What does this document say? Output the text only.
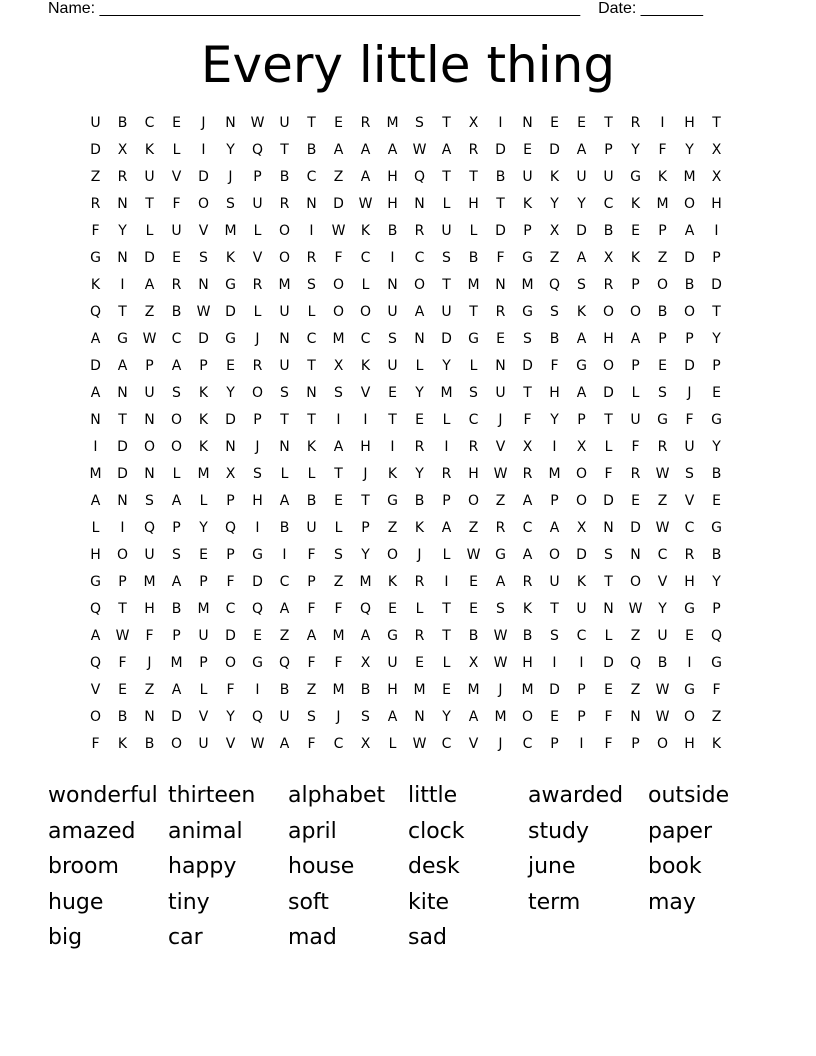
Name: ______________________________________________________ Date: _______
Every little thing
U	B	C	E	J	N	W	U	T	E	R	M	S	T	X	I	N	E	E	T	R	I	H	T
D	X	K	L	I	Y	Q	T	B	A	A	A	W	A	R	D	E	D	A	P	Y	F	Y	X
Z	R	U	V	D	J	P	B	C	Z	A	H	Q	T	T	B	U	K	U	U	G	K	M	X
R	N	T	F	O	S	U	R	N	D	W	H	N	L	H	T	K	Y	Y	C	K	M	O	H
F	Y	L	U	V	M	L	O	I	W	K	B	R	U	L	D	P	X	D	B	E	P	A	I
G	N	D	E	S	K	V	O	R	F	C	I	C	S	B	F	G	Z	A	X	K	Z	D	P
K	I	A	R	N	G	R	M	S	O	L	N	O	T	M	N	M	Q	S	R	P	O	B	D
Q	T	Z	B	W	D	L	U	L	O	O	U	A	U	T	R	G	S	K	O	O	B	O	T
A	G	W	C	D	G	J	N	C	M	C	S	N	D	G	E	S	B	A	H	A	P	P	Y
D	A	P	A	P	E	R	U	T	X	K	U	L	Y	L	N	D	F	G	O	P	E	D	P
A	N	U	S	K	Y	O	S	N	S	V	E	Y	M	S	U	T	H	A	D	L	S	J	E
N	T	N	O	K	D	P	T	T	I	I	T	E	L	C	J	F	Y	P	T	U	G	F	G
I	D	O	O	K	N	J	N	K	A	H	I	R	I	R	V	X	I	X	L	F	R	U	Y
M	D	N	L	M	X	S	L	L	T	J	K	Y	R	H	W	R	M	O	F	R	W	S	B
A	N	S	A	L	P	H	A	B	E	T	G	B	P	O	Z	A	P	O	D	E	Z	V	E
L	I	Q	P	Y	Q	I	B	U	L	P	Z	K	A	Z	R	C	A	X	N	D	W	C	G
H	O	U	S	E	P	G	I	F	S	Y	O	J	L	W	G	A	O	D	S	N	C	R	B
G	P	M	A	P	F	D	C	P	Z	M	K	R	I	E	A	R	U	K	T	O	V	H	Y
Q	T	H	B	M	C	Q	A	F	F	Q	E	L	T	E	S	K	T	U	N	W	Y	G	P
A	W	F	P	U	D	E	Z	A	M	A	G	R	T	B	W	B	S	C	L	Z	U	E	Q
Q	F	J	M	P	O	G	Q	F	F	X	U	E	L	X	W	H	I	I	D	Q	B	I	G
V	E	Z	A	L	F	I	B	Z	M	B	H	M	E	M	J	M	D	P	E	Z	W	G	F
O	B	N	D	V	Y	Q	U	S	J	S	A	N	Y	A	M	O	E	P	F	N	W	O	Z
F	K	B	O	U	V	W	A	F	C	X	L	W	C	V	J	C	P	I	F	P	O	H	K
wonderful thirteen	alphabet	little	awarded	outside
amazed	animal	april	clock	study	paper
broom	happy	house	desk	june	book
huge	tiny	soft	kite	term	may
big	car	mad	sad
